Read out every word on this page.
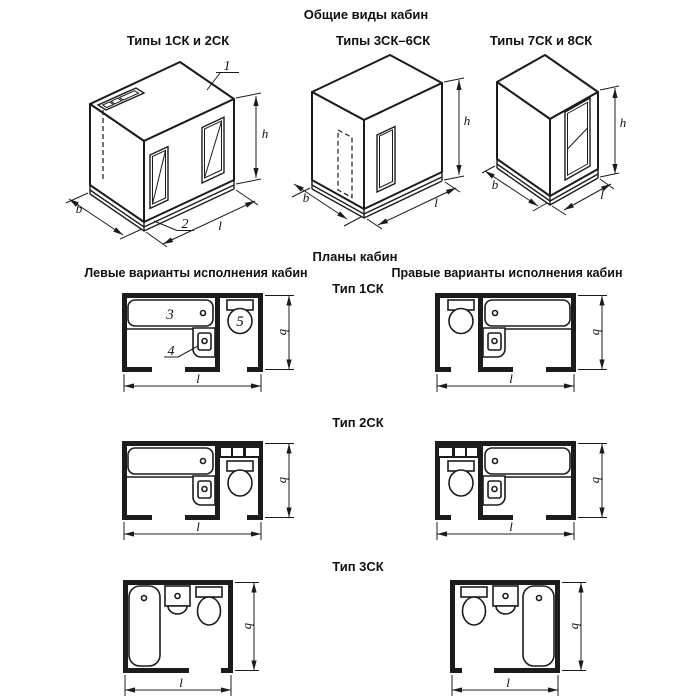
Общие виды кабин
Типы 1СК и 2СК	Типы 3СК–6СК	Типы 7СК и 8СК
Планы кабин
Левые варианты исполнения кабин	Правые варианты исполнения кабин
Тип 1СК
Тип 2СК
Тип 3СК
1
2
h
b
l
h
b	l
h
b
l
3
4
5
b
l
b
l
b
l
b
l
b
l
b
l
